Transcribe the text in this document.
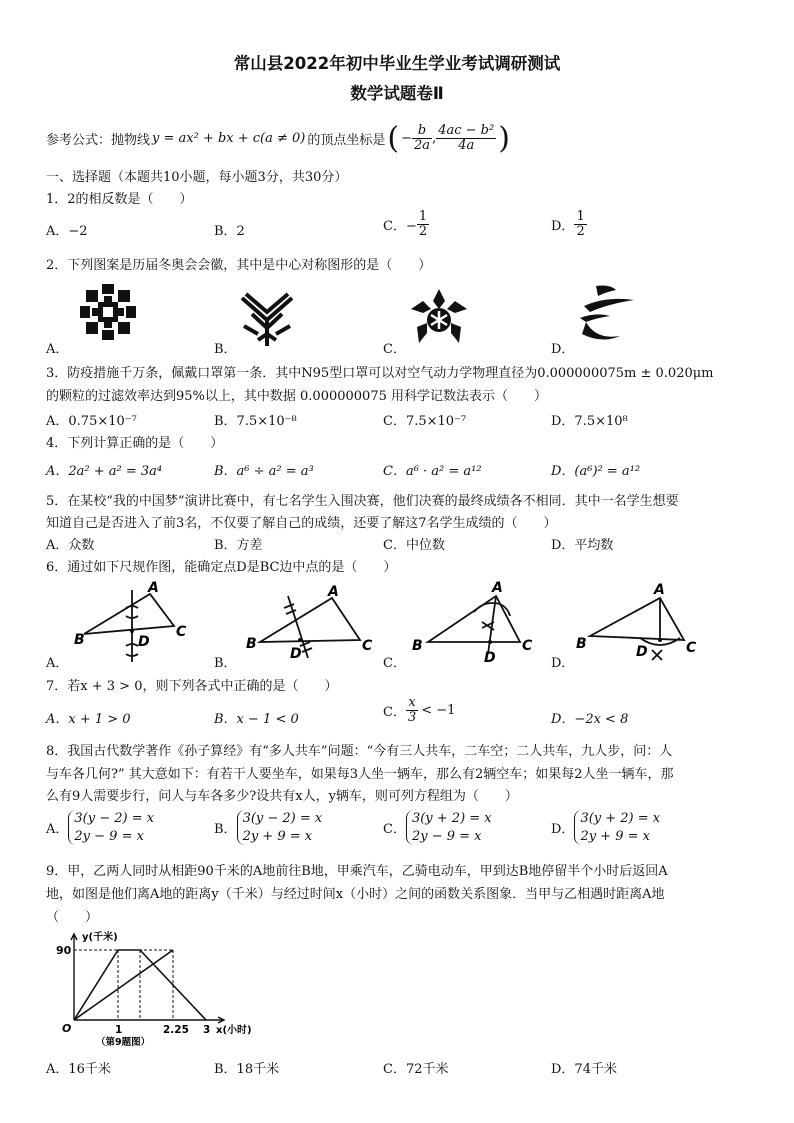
常山县2022年初中毕业生学业考试调研测试
数学试题卷Ⅱ
参考公式：抛物线 y = ax² + bx + c(a ≠ 0) 的顶点坐标是 ( − $\frac{b}{2a}$ , $\frac{\text{4ac − b²}}{4a}$ )
一、选择题（本题共10小题，每小题3分，共30分）
1．2的相反数是（　　）
A．−2	B．2	C．− $\frac{1}{2}$	D． $\frac{1}{2}$
2．下列图案是历届冬奥会会徽，其中是中心对称图形的是（　　）
A．	B．	C．	D．
3．防疫措施千万条，佩戴口罩第一条．其中N95型口罩可以对空气动力学物理直径为0.000000075m ± 0.020μm
的颗粒的过滤效率达到95%以上，其中数据 0.000000075 用科学记数法表示（　　）
A．0.75×10⁻⁷	B．7.5×10⁻⁸	C．7.5×10⁻⁷	D．7.5×10⁸
4．下列计算正确的是（　　）
A．2a² + a² = 3a⁴	B．a⁶ ÷ a² = a³	C．a⁶ · a² = a¹²	D．(a⁶)² = a¹²
5．在某校“我的中国梦”演讲比赛中，有七名学生入围决赛，他们决赛的最终成绩各不相同．其中一名学生想要
知道自己是否进入了前3名，不仅要了解自己的成绩，还要了解这7名学生成绩的（　　）
A．众数	B．方差	C．中位数	D．平均数
6．通过如下尺规作图，能确定点D是BC边中点的是（　　）
A．	B．	C．	D．
A
B	C
D
A
B	C
D
A
B	C
D
A
B	C
D
7．若x + 3 > 0，则下列各式中正确的是（　　）
A．x + 1 > 0	B．x − 1 < 0	C． $\frac{x}{3} < -1$
D．−2x < 8
8．我国古代数学著作《孙子算经》有“多人共车”问题：“今有三人共车，二车空；二人共车，九人步，问：人
与车各几何?” 其大意如下：有若干人要坐车，如果每3人坐一辆车，那么有2辆空车；如果每2人坐一辆车，那
么有9人需要步行，问人与车各多少?设共有x人，y辆车，则可列方程组为（　　）
A．
3(y − 2) = x
2y − 9 = x	B．
3(y − 2) = x
2y + 9 = x	C．
3(y + 2) = x
2y − 9 = x	D．
3(y + 2) = x
2y + 9 = x
9．甲，乙两人同时从相距90千米的A地前往B地，甲乘汽车，乙骑电动车，甲到达B地停留半个小时后返回A
地，如图是他们离A地的距离y（千米）与经过时间x（小时）之间的函数关系图象．当甲与乙相遇时距离A地
（　　）
90
1	2.25 3 x(小时)
y(千米)
O
（第9题图）
A．16千米	B．18千米	C．72千米	D．74千米
